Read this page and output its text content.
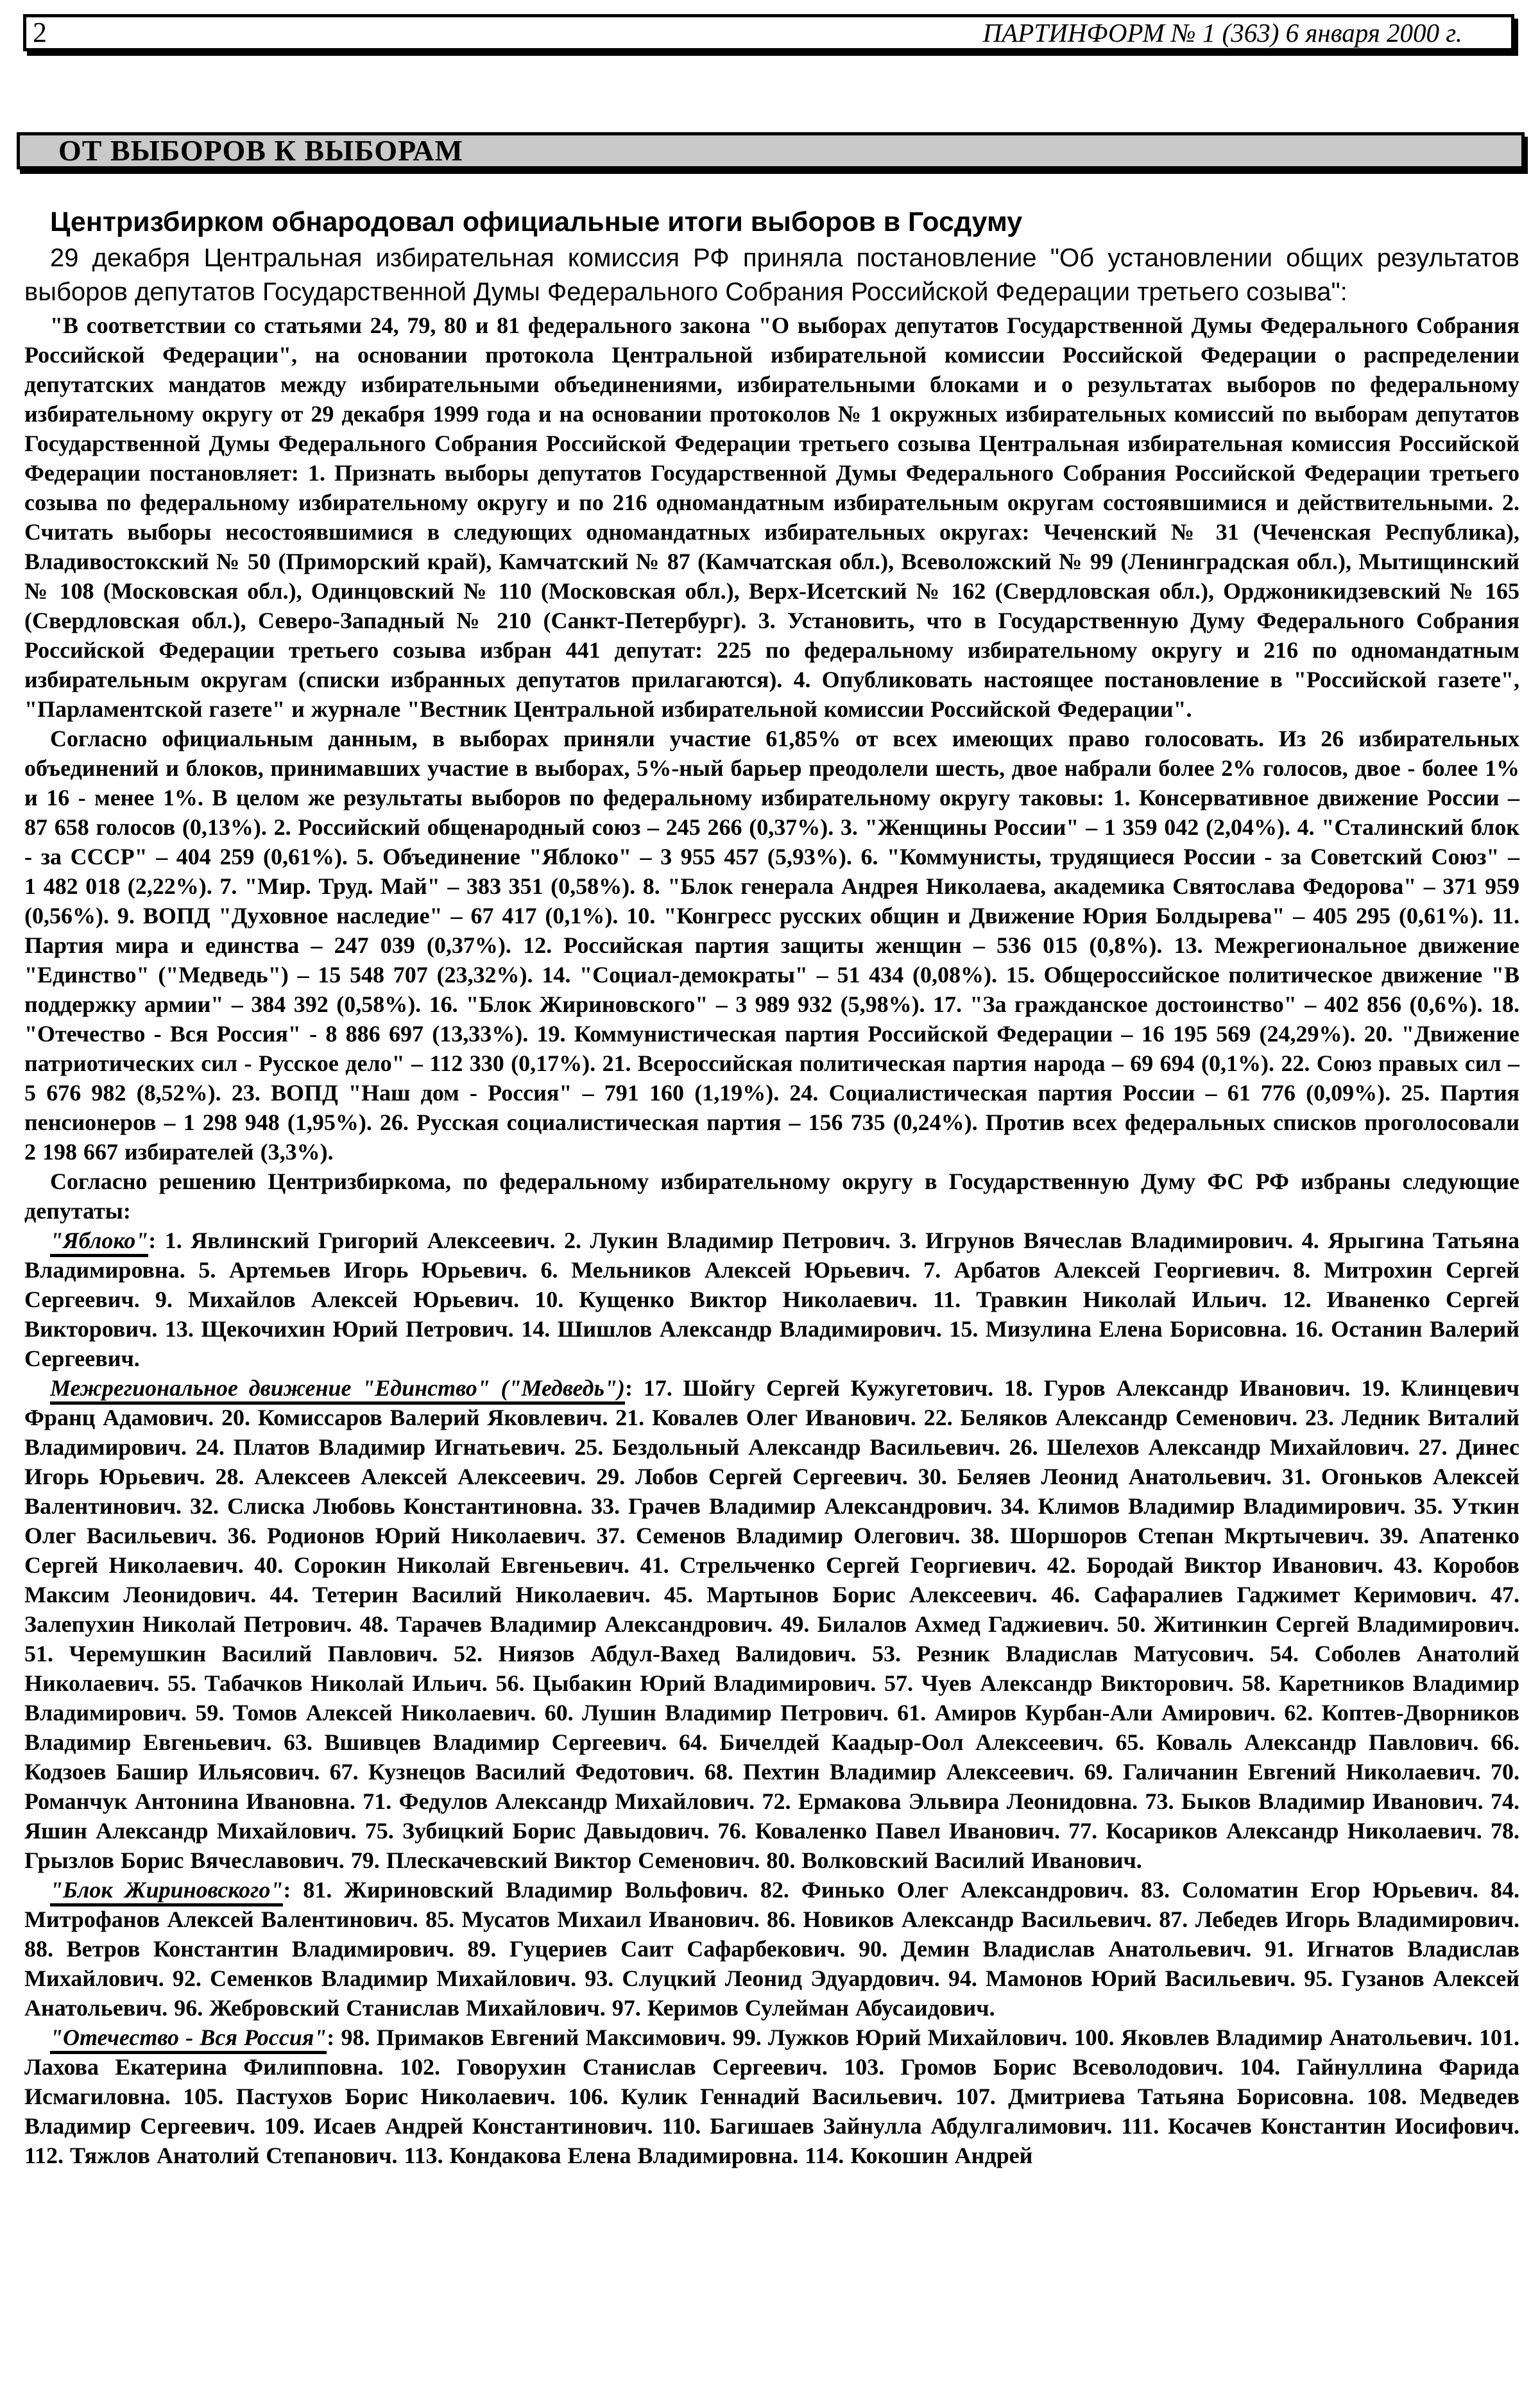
2	ПАРТИНФОРМ № 1 (363) 6 января 2000 г.
ОТ ВЫБОРОВ К ВЫБОРАМ
Центризбирком обнародовал официальные итоги выборов в Госдуму

29 декабря Центральная избирательная комиссия РФ приняла постановление "Об установлении общих результатов выборов депутатов Государственной Думы Федерального Собрания Российской Федерации третьего созыва":

"В соответствии со статьями 24, 79, 80 и 81 федерального закона "О выборах депутатов Государственной Думы Федерального Собрания Российской Федерации", на основании протокола Центральной избирательной комиссии Российской Федерации о распределении депутатских мандатов между избирательными объединениями, избирательными блоками и о результатах выборов по федеральному избирательному округу от 29 декабря 1999 года и на основании протоколов № 1 окружных избирательных комиссий по выборам депутатов Государственной Думы Федерального Собрания Российской Федерации третьего созыва Центральная избирательная комиссия Российской Федерации постановляет: 1. Признать выборы депутатов Государственной Думы Федерального Собрания Российской Федерации третьего созыва по федеральному избирательному округу и по 216 одномандатным избирательным округам состоявшимися и действительными. 2. Считать выборы несостоявшимися в следующих одномандатных избирательных округах: Чеченский № 31 (Чеченская Республика), Владивостокский № 50 (Приморский край), Камчатский № 87 (Камчатская обл.), Всеволожский № 99 (Ленинградская обл.), Мытищинский № 108 (Московская обл.), Одинцовский № 110 (Московская обл.), Верх-Исетский № 162 (Свердловская обл.), Орджоникидзевский № 165 (Свердловская обл.), Северо-Западный № 210 (Санкт-Петербург). 3. Установить, что в Государственную Думу Федерального Собрания Российской Федерации третьего созыва избран 441 депутат: 225 по федеральному избирательному округу и 216 по одномандатным избирательным округам (списки избранных депутатов прилагаются). 4. Опубликовать настоящее постановление в "Российской газете", "Парламентской газете" и журнале "Вестник Центральной избирательной комиссии Российской Федерации".

Согласно официальным данным, в выборах приняли участие 61,85% от всех имеющих право голосовать. Из 26 избирательных объединений и блоков, принимавших участие в выборах, 5%-ный барьер преодолели шесть, двое набрали более 2% голосов, двое - более 1% и 16 - менее 1%. В целом же результаты выборов по федеральному избирательному округу таковы: 1. Консервативное движение России – 87 658 голосов (0,13%). 2. Российский общенародный союз – 245 266 (0,37%). 3. "Женщины России" – 1 359 042 (2,04%). 4. "Сталинский блок - за СССР" – 404 259 (0,61%). 5. Объединение "Яблоко" – 3 955 457 (5,93%). 6. "Коммунисты, трудящиеся России - за Советский Союз" – 1 482 018 (2,22%). 7. "Мир. Труд. Май" – 383 351 (0,58%). 8. "Блок генерала Андрея Николаева, академика Святослава Федорова" – 371 959 (0,56%). 9. ВОПД "Духовное наследие" – 67 417 (0,1%). 10. "Конгресс русских общин и Движение Юрия Болдырева" – 405 295 (0,61%). 11. Партия мира и единства – 247 039 (0,37%). 12. Российская партия защиты женщин – 536 015 (0,8%). 13. Межрегиональное движение "Единство" ("Медведь") – 15 548 707 (23,32%). 14. "Социал-демократы" – 51 434 (0,08%). 15. Общероссийское политическое движение "В поддержку армии" – 384 392 (0,58%). 16. "Блок Жириновского" – 3 989 932 (5,98%). 17. "За гражданское достоинство" – 402 856 (0,6%). 18. "Отечество - Вся Россия" - 8 886 697 (13,33%). 19. Коммунистическая партия Российской Федерации – 16 195 569 (24,29%). 20. "Движение патриотических сил - Русское дело" – 112 330 (0,17%). 21. Всероссийская политическая партия народа – 69 694 (0,1%). 22. Союз правых сил – 5 676 982 (8,52%). 23. ВОПД "Наш дом - Россия" – 791 160 (1,19%). 24. Социалистическая партия России – 61 776 (0,09%). 25. Партия пенсионеров – 1 298 948 (1,95%). 26. Русская социалистическая партия – 156 735 (0,24%). Против всех федеральных списков проголосовали 2 198 667 избирателей (3,3%).

Согласно решению Центризбиркома, по федеральному избирательному округу в Государственную Думу ФС РФ избраны следующие депутаты:

"Яблоко": 1. Явлинский Григорий Алексеевич. 2. Лукин Владимир Петрович. 3. Игрунов Вячеслав Владимирович. 4. Ярыгина Татьяна Владимировна. 5. Артемьев Игорь Юрьевич. 6. Мельников Алексей Юрьевич. 7. Арбатов Алексей Георгиевич. 8. Митрохин Сергей Сергеевич. 9. Михайлов Алексей Юрьевич. 10. Кущенко Виктор Николаевич. 11. Травкин Николай Ильич. 12. Иваненко Сергей Викторович. 13. Щекочихин Юрий Петрович. 14. Шишлов Александр Владимирович. 15. Мизулина Елена Борисовна. 16. Останин Валерий Сергеевич.

Межрегиональное движение "Единство" ("Медведь"): 17. Шойгу Сергей Кужугетович. 18. Гуров Александр Иванович. 19. Клинцевич Франц Адамович. 20. Комиссаров Валерий Яковлевич. 21. Ковалев Олег Иванович. 22. Беляков Александр Семенович. 23. Ледник Виталий Владимирович. 24. Платов Владимир Игнатьевич. 25. Бездольный Александр Васильевич. 26. Шелехов Александр Михайлович. 27. Динес Игорь Юрьевич. 28. Алексеев Алексей Алексеевич. 29. Лобов Сергей Сергеевич. 30. Беляев Леонид Анатольевич. 31. Огоньков Алексей Валентинович. 32. Слиска Любовь Константиновна. 33. Грачев Владимир Александрович. 34. Климов Владимир Владимирович. 35. Уткин Олег Васильевич. 36. Родионов Юрий Николаевич. 37. Семенов Владимир Олегович. 38. Шоршоров Степан Мкртычевич. 39. Апатенко Сергей Николаевич. 40. Сорокин Николай Евгеньевич. 41. Стрельченко Сергей Георгиевич. 42. Бородай Виктор Иванович. 43. Коробов Максим Леонидович. 44. Тетерин Василий Николаевич. 45. Мартынов Борис Алексеевич. 46. Сафаралиев Гаджимет Керимович. 47. Залепухин Николай Петрович. 48. Тарачев Владимир Александрович. 49. Билалов Ахмед Гаджиевич. 50. Житинкин Сергей Владимирович. 51. Черемушкин Василий Павлович. 52. Ниязов Абдул-Вахед Валидович. 53. Резник Владислав Матусович. 54. Соболев Анатолий Николаевич. 55. Табачков Николай Ильич. 56. Цыбакин Юрий Владимирович. 57. Чуев Александр Викторович. 58. Каретников Владимир Владимирович. 59. Томов Алексей Николаевич. 60. Лушин Владимир Петрович. 61. Амиров Курбан-Али Амирович. 62. Коптев-Дворников Владимир Евгеньевич. 63. Вшивцев Владимир Сергеевич. 64. Бичелдей Каадыр-Оол Алексеевич. 65. Коваль Александр Павлович. 66. Кодзоев Башир Ильясович. 67. Кузнецов Василий Федотович. 68. Пехтин Владимир Алексеевич. 69. Галичанин Евгений Николаевич. 70. Романчук Антонина Ивановна. 71. Федулов Александр Михайлович. 72. Ермакова Эльвира Леонидовна. 73. Быков Владимир Иванович. 74. Яшин Александр Михайлович. 75. Зубицкий Борис Давыдович. 76. Коваленко Павел Иванович. 77. Косариков Александр Николаевич. 78. Грызлов Борис Вячеславович. 79. Плескачевский Виктор Семенович. 80. Волковский Василий Иванович.

"Блок Жириновского": 81. Жириновский Владимир Вольфович. 82. Финько Олег Александрович. 83. Соломатин Егор Юрьевич. 84. Митрофанов Алексей Валентинович. 85. Мусатов Михаил Иванович. 86. Новиков Александр Васильевич. 87. Лебедев Игорь Владимирович. 88. Ветров Константин Владимирович. 89. Гуцериев Саит Сафарбекович. 90. Демин Владислав Анатольевич. 91. Игнатов Владислав Михайлович. 92. Семенков Владимир Михайлович. 93. Слуцкий Леонид Эдуардович. 94. Мамонов Юрий Васильевич. 95. Гузанов Алексей Анатольевич. 96. Жебровский Станислав Михайлович. 97. Керимов Сулейман Абусаидович.

"Отечество - Вся Россия": 98. Примаков Евгений Максимович. 99. Лужков Юрий Михайлович. 100. Яковлев Владимир Анатольевич. 101. Лахова Екатерина Филипповна. 102. Говорухин Станислав Сергеевич. 103. Громов Борис Всеволодович. 104. Гайнуллина Фарида Исмагиловна. 105. Пастухов Борис Николаевич. 106. Кулик Геннадий Васильевич. 107. Дмитриева Татьяна Борисовна. 108. Медведев Владимир Сергеевич. 109. Исаев Андрей Константинович. 110. Багишаев Зайнулла Абдулгалимович. 111. Косачев Константин Иосифович. 112. Тяжлов Анатолий Степанович. 113. Кондакова Елена Владимировна. 114. Кокошин Андрей
